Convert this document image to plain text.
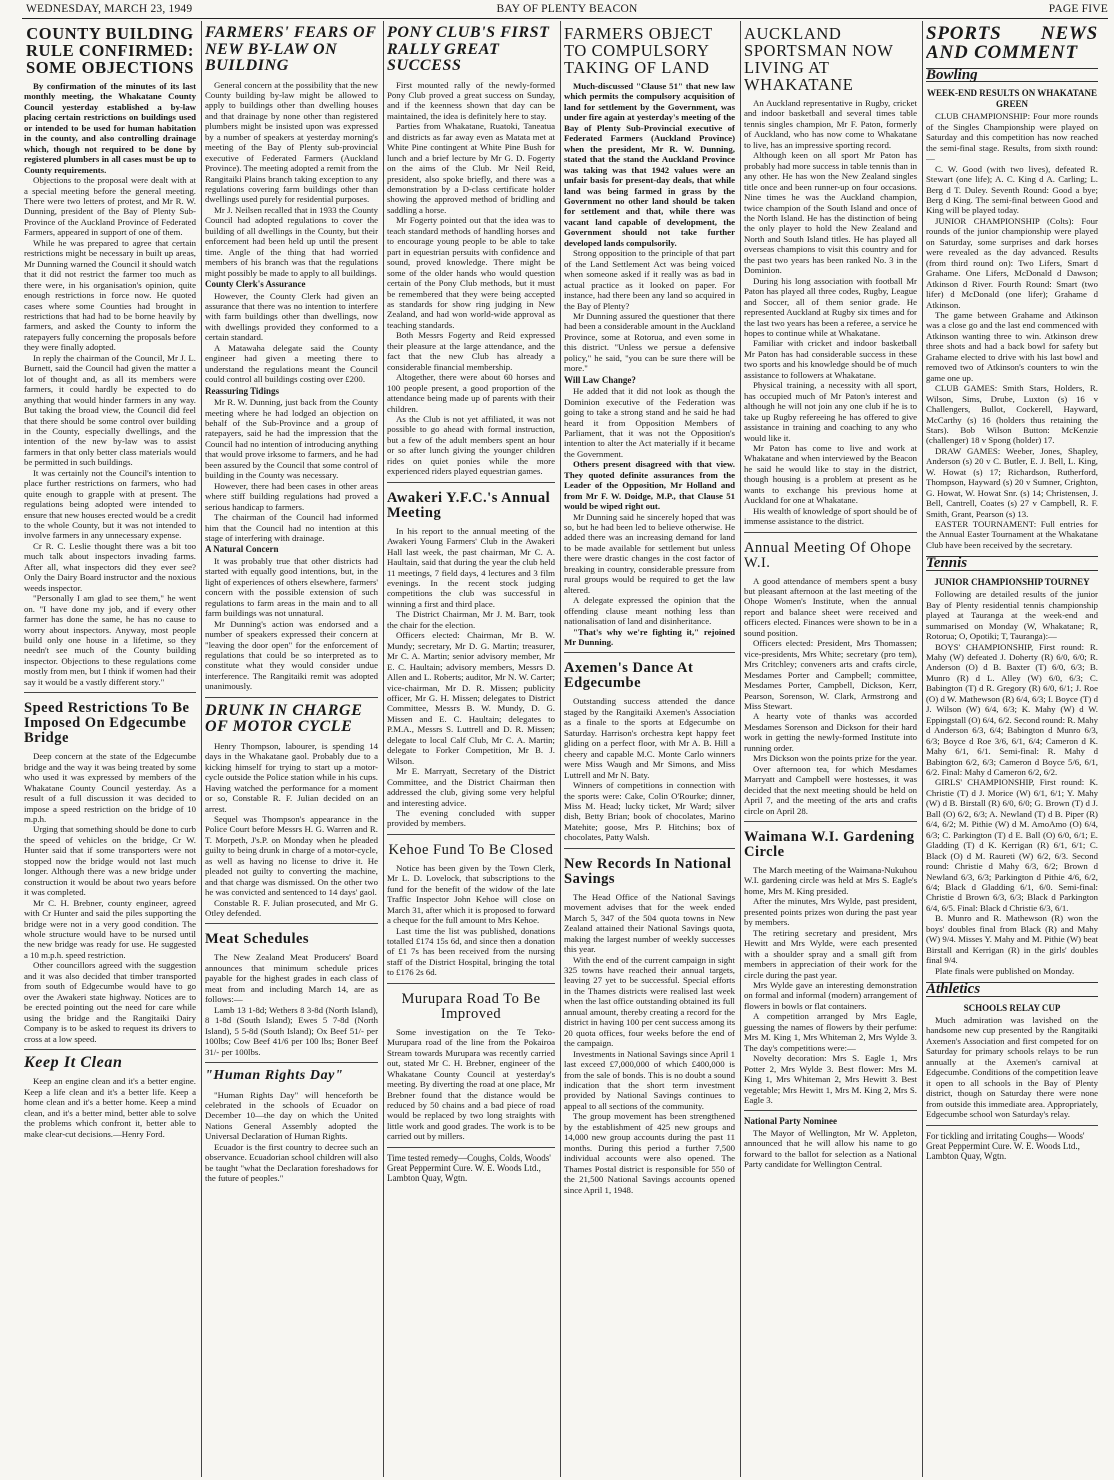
WEDNESDAY, MARCH 23, 1949	BAY OF PLENTY BEACON	PAGE FIVE
COUNTY BUILDING RULE CONFIRMED: SOME OBJECTIONS

By confirmation of the minutes of its last monthly meeting, the Whakatane County Council yesterday established a by-law placing certain restrictions on buildings used or intended to be used for human habitation in the county, and also controlling drainage which, though not required to be done by registered plumbers in all cases must be up to County requirements.

Objections to the proposal were dealt with at a special meeting before the general meeting. There were two letters of protest, and Mr R. W. Dunning, president of the Bay of Plenty Sub-Province of the Auckland Province of Federated Farmers, appeared in support of one of them.

While he was prepared to agree that certain restrictions might be necessary in built up areas, Mr Dunning warned the Council it should watch that it did not restrict the farmer too much as there were, in his organisation's opinion, quite enough restrictions in force now. He quoted cases where some Counties had brought in restrictions that had had to be borne heavily by farmers, and asked the County to inform the ratepayers fully concerning the proposals before they were finally adopted.

In reply the chairman of the Council, Mr J. L. Burnett, said the Council had given the matter a lot of thought and, as all its members were farmers, it could hardly be expected to do anything that would hinder farmers in any way. But taking the broad view, the Council did feel that there should be some control over building in the County, especially dwellings, and the intention of the new by-law was to assist farmers in that only better class materials would be permitted in such buildings.

It was certainly not the Council's intention to place further restrictions on farmers, who had quite enough to grapple with at present. The regulations being adopted were intended to ensure that new houses erected would be a credit to the whole County, but it was not intended to involve farmers in any unnecessary expense.

Cr R. C. Leslie thought there was a bit too much talk about inspectors invading farms. After all, what inspectors did they ever see? Only the Dairy Board instructor and the noxious weeds inspector.

"Personally I am glad to see them," he went on. "I have done my job, and if every other farmer has done the same, he has no cause to worry about inspectors. Anyway, most people build only one house in a lifetime, so they needn't see much of the County building inspector. Objections to these regulations come mostly from men, but I think if women had their say it would be a vastly different story."

Speed Restrictions To Be Imposed On Edgecumbe Bridge

Deep concern at the state of the Edgecumbe bridge and the way it was being treated by some who used it was expressed by members of the Whakatane County Council yesterday. As a result of a full discussion it was decided to impose a speed restriction on the bridge of 10 m.p.h.

Urging that something should be done to curb the speed of vehicles on the bridge, Cr W. Hunter said that if some transporters were not stopped now the bridge would not last much longer. Although there was a new bridge under construction it would be about two years before it was completed.

Mr C. H. Brebner, county engineer, agreed with Cr Hunter and said the piles supporting the bridge were not in a very good condition. The whole structure would have to be nursed until the new bridge was ready for use. He suggested a 10 m.p.h. speed restriction.

Other councillors agreed with the suggestion and it was also decided that timber transported from south of Edgecumbe would have to go over the Awakeri state highway. Notices are to be erected pointing out the need for care while using the bridge and the Rangitaiki Dairy Company is to be asked to request its drivers to cross at a low speed.

Keep It Clean

Keep an engine clean and it's a better engine. Keep a life clean and it's a better life. Keep a home clean and it's a better home. Keep a mind clean, and it's a better mind, better able to solve the problems which confront it, better able to make clear-cut decisions.—Henry Ford.

FARMERS' FEARS OF NEW BY-LAW ON BUILDING

General concern at the possibility that the new County building by-law might be allowed to apply to buildings other than dwelling houses and that drainage by none other than registered plumbers might be insisted upon was expressed by a number of speakers at yesterday morning's meeting of the Bay of Plenty sub-provincial executive of Federated Farmers (Auckland Province). The meeting adopted a remit from the Rangitaiki Plains branch taking exception to any regulations covering farm buildings other than dwellings used purely for residential purposes.

Mr J. Neilsen recalled that in 1933 the County Council had adopted regulations to cover the building of all dwellings in the County, but their enforcement had been held up until the present time. Angle of the thing that had worried members of his branch was that the regulations might possibly be made to apply to all buildings.

County Clerk's Assurance

However, the County Clerk had given an assurance that there was no intention to interfere with farm buildings other than dwellings, now with dwellings provided they conformed to a certain standard.

A Matawaha delegate said the County engineer had given a meeting there to understand the regulations meant the Council could control all buildings costing over £200.

Reassuring Tidings

Mr R. W. Dunning, just back from the County meeting where he had lodged an objection on behalf of the Sub-Province and a group of ratepayers, said he had the impression that the Council had no intention of introducing anything that would prove irksome to farmers, and he had been assured by the Council that some control of building in the County was necessary.

However, there had been cases in other areas where stiff building regulations had proved a serious handicap to farmers.

The chairman of the Council had informed him that the Council had no intention at this stage of interfering with drainage.

A Natural Concern

It was probably true that other districts had started with equally good intentions, but, in the light of experiences of others elsewhere, farmers' concern with the possible extension of such regulations to farm areas in the main and to all farm buildings was not unnatural.

Mr Dunning's action was endorsed and a number of speakers expressed their concern at "leaving the door open" for the enforcement of regulations that could be so interpreted as to constitute what they would consider undue interference. The Rangitaiki remit was adopted unanimously.

DRUNK IN CHARGE OF MOTOR CYCLE

Henry Thompson, labourer, is spending 14 days in the Whakatane gaol. Probably due to a kicking himself for trying to start up a motor-cycle outside the Police station while in his cups. Having watched the performance for a moment or so, Constable R. F. Julian decided on an arrest.

Sequel was Thompson's appearance in the Police Court before Messrs H. G. Warren and R. T. Morpeth, J's.P. on Monday when he pleaded guilty to being drunk in charge of a motor-cycle, as well as having no license to drive it. He pleaded not guilty to converting the machine, and that charge was dismissed. On the other two he was convicted and sentenced to 14 days' gaol.

Constable R. F. Julian prosecuted, and Mr G. Otley defended.

Meat Schedules

The New Zealand Meat Producers' Board announces that minimum schedule prices payable for the highest grades in each class of meat from and including March 14, are as follows:—

Lamb 13 1-8d; Wethers 8 3-8d (North Island), 8 1-8d (South Island); Ewes 5 7-8d (North Island), 5 5-8d (South Island); Ox Beef 51/- per 100lbs; Cow Beef 41/6 per 100 lbs; Boner Beef 31/- per 100lbs.

"Human Rights Day"

"Human Rights Day" will henceforth be celebrated in the schools of Ecuador on December 10—the day on which the United Nations General Assembly adopted the Universal Declaration of Human Rights.

Ecuador is the first country to decree such an observance. Ecuadorian school children will also be taught "what the Declaration foreshadows for the future of peoples."

PONY CLUB'S FIRST RALLY GREAT SUCCESS

First mounted rally of the newly-formed Pony Club proved a great success on Sunday, and if the keenness shown that day can be maintained, the idea is definitely here to stay.

Parties from Whakatane, Ruatoki, Taneatua and districts as far away even as Matata met at White Pine contingent at White Pine Bush for lunch and a brief lecture by Mr G. D. Fogerty on the aims of the Club. Mr Neil Reid, president, also spoke briefly, and there was a demonstration by a D-class certificate holder showing the approved method of bridling and saddling a horse.

Mr Fogerty pointed out that the idea was to teach standard methods of handling horses and to encourage young people to be able to take part in equestrian persuits with confidence and sound, proved knowledge. There might be some of the older hands who would question certain of the Pony Club methods, but it must be remembered that they were being accepted as standards for show ring judging in New Zealand, and had won world-wide approval as teaching standards.

Both Messrs Fogerty and Reid expressed their pleasure at the large attendance, and the fact that the new Club has already a considerable financial membership.

Altogether, there were about 60 horses and 100 people present, a good proportion of the attendance being made up of parents with their children.

As the Club is not yet affiliated, it was not possible to go ahead with formal instruction, but a few of the adult members spent an hour or so after lunch giving the younger children rides on quiet ponies while the more experienced riders played equestrian games.

Awakeri Y.F.C.'s Annual Meeting

In his report to the annual meeting of the Awakeri Young Farmers' Club in the Awakeri Hall last week, the past chairman, Mr C. A. Haultain, said that during the year the club held 11 meetings, 7 field days, 4 lectures and 3 film evenings. In the recent stock judging competitions the club was successful in winning a first and third place.

The District Chairman, Mr J. M. Barr, took the chair for the election.

Officers elected: Chairman, Mr B. W. Mundy; secretary, Mr D. G. Martin; treasurer, Mr C. A. Martin; senior advisory member, Mr E. C. Haultain; advisory members, Messrs D. Allen and L. Roberts; auditor, Mr N. W. Carter; vice-chairman, Mr D. R. Missen; publicity officer, Mr G. H. Missen; delegates to District Committee, Messrs B. W. Mundy, D. G. Missen and E. C. Haultain; delegates to P.M.A., Messrs S. Luttrell and D. R. Missen; delegate to local Calf Club, Mr C. A. Martin; delegate to Forker Competition, Mr B. J. Wilson.

Mr E. Marryatt, Secretary of the District Committee, and the District Chairman then addressed the club, giving some very helpful and interesting advice.

The evening concluded with supper provided by members.

Kehoe Fund To Be Closed

Notice has been given by the Town Clerk, Mr L. D. Lovelock, that subscriptions to the fund for the benefit of the widow of the late Traffic Inspector John Kehoe will close on March 31, after which it is proposed to forward a cheque for the full amount to Mrs Kehoe.

Last time the list was published, donations totalled £174 15s 6d, and since then a donation of £1 7s has been received from the nursing staff of the District Hospital, bringing the total to £176 2s 6d.

Murupara Road To Be Improved

Some investigation on the Te Teko-Murupara road of the line from the Pokairoa Stream towards Murupara was recently carried out, stated Mr C. H. Brebner, engineer of the Whakatane County Council at yesterday's meeting. By diverting the road at one place, Mr Brebner found that the distance would be reduced by 50 chains and a bad piece of road would be replaced by two long straights with little work and good grades. The work is to be carried out by millers.

Time tested remedy—Coughs, Colds, Woods' Great Peppermint Cure. W. E. Woods Ltd., Lambton Quay, Wgtn.
FARMERS OBJECT TO COMPULSORY TAKING OF LAND

Much-discussed "Clause 51" that new law which permits the compulsory acquisition of land for settlement by the Government, was under fire again at yesterday's meeting of the Bay of Plenty Sub-Provincial executive of Federated Farmers (Auckland Province) when the president, Mr R. W. Dunning, stated that the stand the Auckland Province was taking was that 1942 values were an unfair basis for present-day deals, that while land was being farmed in grass by the Government no other land should be taken for settlement and that, while there was vacant land capable of development, the Government should not take further developed lands compulsorily.

Strong opposition to the principle of that part of the Land Settlement Act was being voiced when someone asked if it really was as bad in actual practice as it looked on paper. For instance, had there been any land so acquired in the Bay of Plenty?

Mr Dunning assured the questioner that there had been a considerable amount in the Auckland Province, some at Rotorua, and even some in this district. "Unless we persue a defensive policy," he said, "you can be sure there will be more."

Will Law Change?

He added that it did not look as though the Dominion executive of the Federation was going to take a strong stand and he said he had heard it from Opposition Members of Parliament, that it was not the Opposition's intention to alter the Act materially if it became the Government.

Others present disagreed with that view. They quoted definite assurances from the Leader of the Opposition, Mr Holland and from Mr F. W. Doidge, M.P., that Clause 51 would be wiped right out.

Mr Dunning said he sincerely hoped that was so, but he had been led to believe otherwise. He added there was an increasing demand for land to be made available for settlement but unless there were drastic changes in the cost factor of breaking in country, considerable pressure from rural groups would be required to get the law altered.

A delegate expressed the opinion that the offending clause meant nothing less than nationalisation of land and disinheritance.

"That's why we're fighting it," rejoined Mr Dunning.

Axemen's Dance At Edgecumbe

Outstanding success attended the dance staged by the Rangitaiki Axemen's Association as a finale to the sports at Edgecumbe on Saturday. Harrison's orchestra kept happy feet gliding on a perfect floor, with Mr A. B. Hill a cheery and capable M.C. Monte Carlo winners were Miss Waugh and Mr Simons, and Miss Luttrell and Mr N. Baty.

Winners of competitions in connection with the sports were: Cake, Colin O'Rourke; dinner, Miss M. Head; lucky ticket, Mr Ward; silver dish, Betty Brian; book of chocolates, Marino Matehite; goose, Mrs P. Hitchins; box of chocolates, Patty Walsh.

New Records In National Savings

The Head Office of the National Savings movement advises that for the week ended March 5, 347 of the 504 quota towns in New Zealand attained their National Savings quota, making the largest number of weekly successes this year.

With the end of the current campaign in sight 325 towns have reached their annual targets, leaving 27 yet to be successful. Special efforts in the Thames districts were realised last week when the last office outstanding obtained its full annual amount, thereby creating a record for the district in having 100 per cent success among its 20 quota offices, four weeks before the end of the campaign.

Investments in National Savings since April 1 last exceed £7,000,000 of which £400,000 is from the sale of bonds. This is no doubt a sound indication that the short term investment provided by National Savings continues to appeal to all sections of the community.

The group movement has been strengthened by the establishment of 425 new groups and 14,000 new group accounts during the past 11 months. During this period a further 7,500 individual accounts were also opened. The Thames Postal district is responsible for 550 of the 21,500 National Savings accounts opened since April 1, 1948.

AUCKLAND SPORTSMAN NOW LIVING AT WHAKATANE

An Auckland representative in Rugby, cricket and indoor basketball and several times table tennis singles champion, Mr F. Paton, formerly of Auckland, who has now come to Whakatane to live, has an impressive sporting record.

Although keen on all sport Mr Paton has probably had more success in table tennis than in any other. He has won the New Zealand singles title once and been runner-up on four occasions. Nine times he was the Auckland champion, twice champion of the South Island and once of the North Island. He has the distinction of being the only player to hold the New Zealand and North and South Island titles. He has played all overseas champions to visit this country and for the past two years has been ranked No. 3 in the Dominion.

During his long association with football Mr Paton has played all three codes, Rugby, League and Soccer, all of them senior grade. He represented Auckland at Rugby six times and for the last two years has been a referee, a service he hopes to continue while at Whakatane.

Familiar with cricket and indoor basketball Mr Paton has had considerable success in these two sports and his knowledge should be of much assistance to followers at Whakatane.

Physical training, a necessity with all sport, has occupied much of Mr Paton's interest and although he will not join any one club if he is to take up Rugby refereeing he has offered to give assistance in training and coaching to any who would like it.

Mr Paton has come to live and work at Whakatane and when interviewed by the Beacon he said he would like to stay in the district, though housing is a problem at present as he wants to exchange his previous home at Auckland for one at Whakatane.

His wealth of knowledge of sport should be of immense assistance to the district.

Annual Meeting Of Ohope W.I.

A good attendance of members spent a busy but pleasant afternoon at the last meeting of the Ohope Women's Institute, when the annual report and balance sheet were received and officers elected. Finances were shown to be in a sound position.

Officers elected: President, Mrs Thomassen; vice-presidents, Mrs White; secretary (pro tem), Mrs Critchley; conveners arts and crafts circle, Mesdames Porter and Campbell; committee, Mesdames Porter, Campbell, Dickson, Kerr, Pearson, Sorenson, W. Clark, Armstrong and Miss Stewart.

A hearty vote of thanks was accorded Mesdames Sorenson and Dickson for their hard work in getting the newly-formed Institute into running order.

Mrs Dickson won the points prize for the year.

Over afternoon tea, for which Mesdames Marryatt and Campbell were hostesses, it was decided that the next meeting should be held on April 7, and the meeting of the arts and crafts circle on April 28.

Waimana W.I. Gardening Circle

The March meeting of the Waimana-Nukuhou W.I. gardening circle was held at Mrs S. Eagle's home, Mrs M. King presided.

After the minutes, Mrs Wylde, past president, presented points prizes won during the past year by members.

The retiring secretary and president, Mrs Hewitt and Mrs Wylde, were each presented with a shoulder spray and a small gift from members in appreciation of their work for the circle during the past year.

Mrs Wylde gave an interesting demonstration on formal and informal (modern) arrangement of flowers in bowls or flat containers.

A competition arranged by Mrs Eagle, guessing the names of flowers by their perfume: Mrs M. King 1, Mrs Whiteman 2, Mrs Wylde 3. The day's competitions were:—

Novelty decoration: Mrs S. Eagle 1, Mrs Potter 2, Mrs Wylde 3. Best flower: Mrs M. King 1, Mrs Whiteman 2, Mrs Hewitt 3. Best vegetable; Mrs Hewitt 1, Mrs M. King 2, Mrs S. Eagle 3.

National Party Nominee

The Mayor of Wellington, Mr W. Appleton, announced that he will allow his name to go forward to the ballot for selection as a National Party candidate for Wellington Central.

SPORTS NEWS AND COMMENT
Bowling
WEEK-END RESULTS ON WHAKATANE GREEN

CLUB CHAMPIONSHIP: Four more rounds of the Singles Championship were played on Saturday and this competition has now reached the semi-final stage. Results, from sixth round:—

C. W. Good (with two lives), defeated R. Stewart (one life); A. C. King d A. Carling; L. Berg d T. Duley. Seventh Round: Good a bye; Berg d King. The semi-final between Good and King will be played today.

JUNIOR CHAMPIONSHIP (Colts): Four rounds of the junior championship were played on Saturday, some surprises and dark horses were revealed as the day advanced. Results (from third round on): Two Lifers, Smart d Grahame. One Lifers, McDonald d Dawson; Atkinson d River. Fourth Round: Smart (two lifer) d McDonald (one lifer); Grahame d Atkinson.

The game between Grahame and Atkinson was a close go and the last end commenced with Atkinson wanting three to win. Atkinson drew three shots and had a back bowl for safety but Grahame elected to drive with his last bowl and removed two of Atkinson's counters to win the game one up.

CLUB GAMES: Smith Stars, Holders, R. Wilson, Sims, Drube, Luxton (s) 16 v Challengers, Bullot, Cockerell, Hayward, McCarthy (s) 16 (holders thus retaining the Stars). Bob Wilson Button: McKenzie (challenger) 18 v Spong (holder) 17.

DRAW GAMES: Weeber, Jones, Shapley, Anderson (s) 20 v C. Butler, E. J. Bell, L. King, W. Howat (s) 17; Richardson, Rutherford, Thompson, Hayward (s) 20 v Sumner, Crighton, G. Howat, W. Howat Snr. (s) 14; Christensen, J. Bell, Cantrell, Coates (s) 27 v Campbell, R. F. Smith, Grant, Pearson (s) 13.

EASTER TOURNAMENT: Full entries for the Annual Easter Tournament at the Whakatane Club have been received by the secretary.

Tennis
JUNIOR CHAMPIONSHIP TOURNEY

Following are detailed results of the junior Bay of Plenty residential tennis championship played at Tauranga at the week-end and summarised on Monday (W, Whakatane; R, Rotorua; O, Opotiki; T, Tauranga):—

BOYS' CHAMPIONSHIP, First round: R. Mahy (W) defeated J. Doherty (R) 6/0, 6/0; R. Anderson (O) d B. Baxter (T) 6/0, 6/3; B. Munro (R) d L. Alley (W) 6/0, 6/3; C. Babington (T) d R. Gregory (R) 6/0, 6/1; J. Roe (O) d W. Mathewson (R) 6/4, 6/3; I. Boyce (T) d J. Wilson (W) 6/4, 6/3; K. Mahy (W) d W. Eppingstall (O) 6/4, 6/2. Second round: R. Mahy d Anderson 6/3, 6/4; Babington d Munro 6/3, 6/3; Boyce d Roe 3/6, 6/1, 6/4; Cameron d K. Mahy 6/1, 6/1. Semi-final: R. Mahy d Babington 6/2, 6/3; Cameron d Boyce 5/6, 6/1, 6/2. Final: Mahy d Cameron 6/2, 6/2.

GIRLS' CHAMPIONSHIP, First round: K. Christie (T) d J. Morice (W) 6/1, 6/1; Y. Mahy (W) d B. Birstall (R) 6/0, 6/0; G. Brown (T) d J. Ball (O) 6/2, 6/3; A. Newland (T) d B. Piper (R) 6/4, 6/2; M. Pithie (W) d M. AmoAmo (O) 6/4, 6/3; C. Parkington (T) d E. Ball (O) 6/0, 6/1; E. Gladding (T) d K. Kerrigan (R) 6/1, 6/1; C. Black (O) d M. Raureti (W) 6/2, 6/3. Second round: Christie d Mahy 6/3, 6/2; Brown d Newland 6/3, 6/3; Parkington d Pithie 4/6, 6/2, 6/4; Black d Gladding 6/1, 6/0. Semi-final: Christie d Brown 6/3, 6/3; Black d Parkington 6/4, 6/5. Final: Black d Christie 6/3, 6/1.

B. Munro and R. Mathewson (R) won the boys' doubles final from Black (R) and Mahy (W) 9/4. Misses Y. Mahy and M. Pithie (W) beat Birstall and Kerrigan (R) in the girls' doubles final 9/4.

Plate finals were published on Monday.

Athletics
SCHOOLS RELAY CUP

Much admiration was lavished on the handsome new cup presented by the Rangitaiki Axemen's Association and first competed for on Saturday for primary schools relays to be run annually at the Axemen's carnival at Edgecumbe. Conditions of the competition leave it open to all schools in the Bay of Plenty district, though on Saturday there were none from outside this immediate area. Appropriately, Edgecumbe school won Saturday's relay.

For tickling and irritating Coughs— Woods' Great Peppermint Cure. W. E. Woods Ltd., Lambton Quay, Wgtn.
